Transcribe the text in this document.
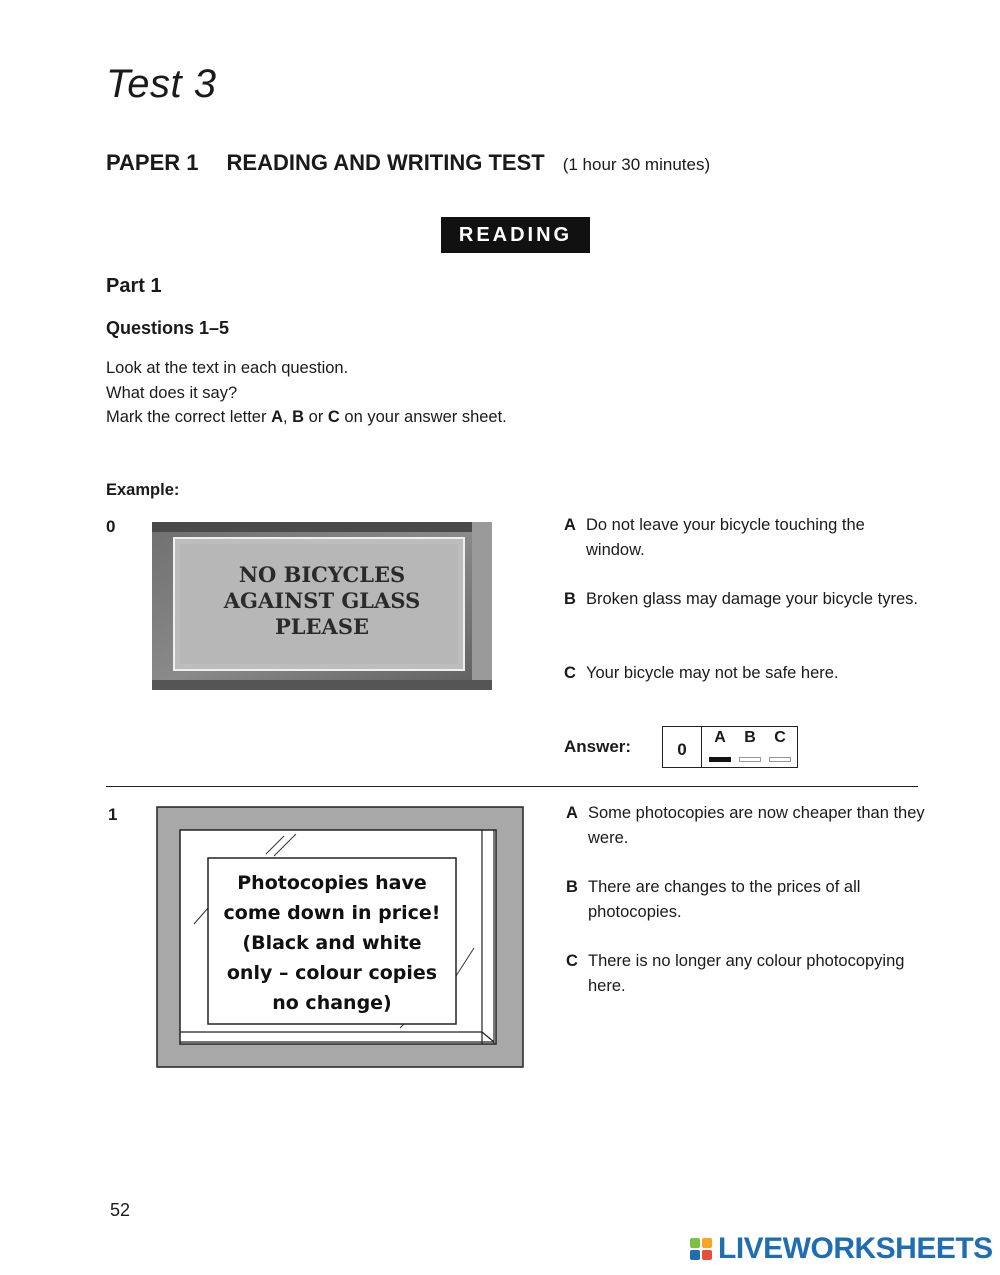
Test 3
PAPER 1 READING AND WRITING TEST (1 hour 30 minutes)
READING
Part 1
Questions 1–5
Look at the text in each question.
What does it say?
Mark the correct letter A, B or C on your answer sheet.
Example:
0
NO BICYCLES
AGAINST GLASS
PLEASE
A Do not leave your bicycle touching the window.
B Broken glass may damage your bicycle tyres.
C Your bicycle may not be safe here.
Answer:	0
A	B	C
1
Photocopies have
come down in price!
(Black and white
only – colour copies
no change)
A Some photocopies are now cheaper than they were.
B There are changes to the prices of all photocopies.
C There is no longer any colour photocopying here.
52
LIVEWORKSHEETS
